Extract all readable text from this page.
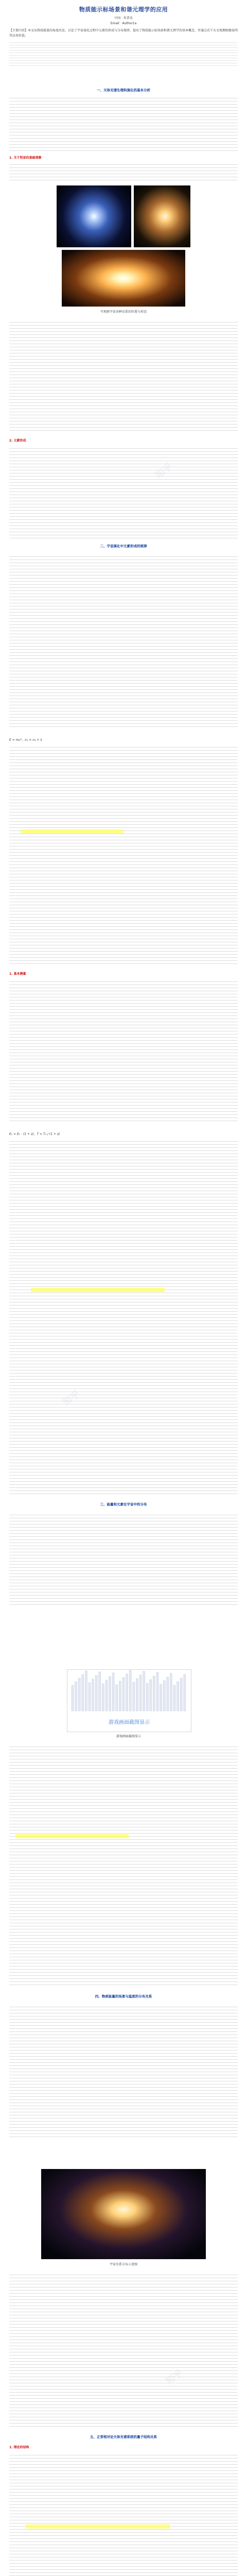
物质能示标场景和谐元理学的应用
中国 · 作者名
Email：Author1a

【主要内容】本文从物质能量的角度出发，讨论了宇宙演化过程中元素的形成与分布规律，提出了物质能示标场景和谐元理学的基本概念，并通过若干天文观测图像说明其应用价值。

一、天体光谱生理和演化的基本分析

1. 关于恒星的基础观察

可观察宇宙各种星系的位置与形态

2. 元素形成

二、宇宙演化中元素形成的规律

E = mc²，n₁ = n₂ + λ

1. 基本测量

E₁ = E₀ · (1 + z)，T = T₀ / (1 + z)

三、能量和元素在宇宙中的分布

游戏画面截图显示
游戏画面截图显示

四、物质能量的场景与温度的分布关系

宇宙星系分布示意图

五、正常相对论天体光谱系统的量子结构关系

1. 理论的结构
